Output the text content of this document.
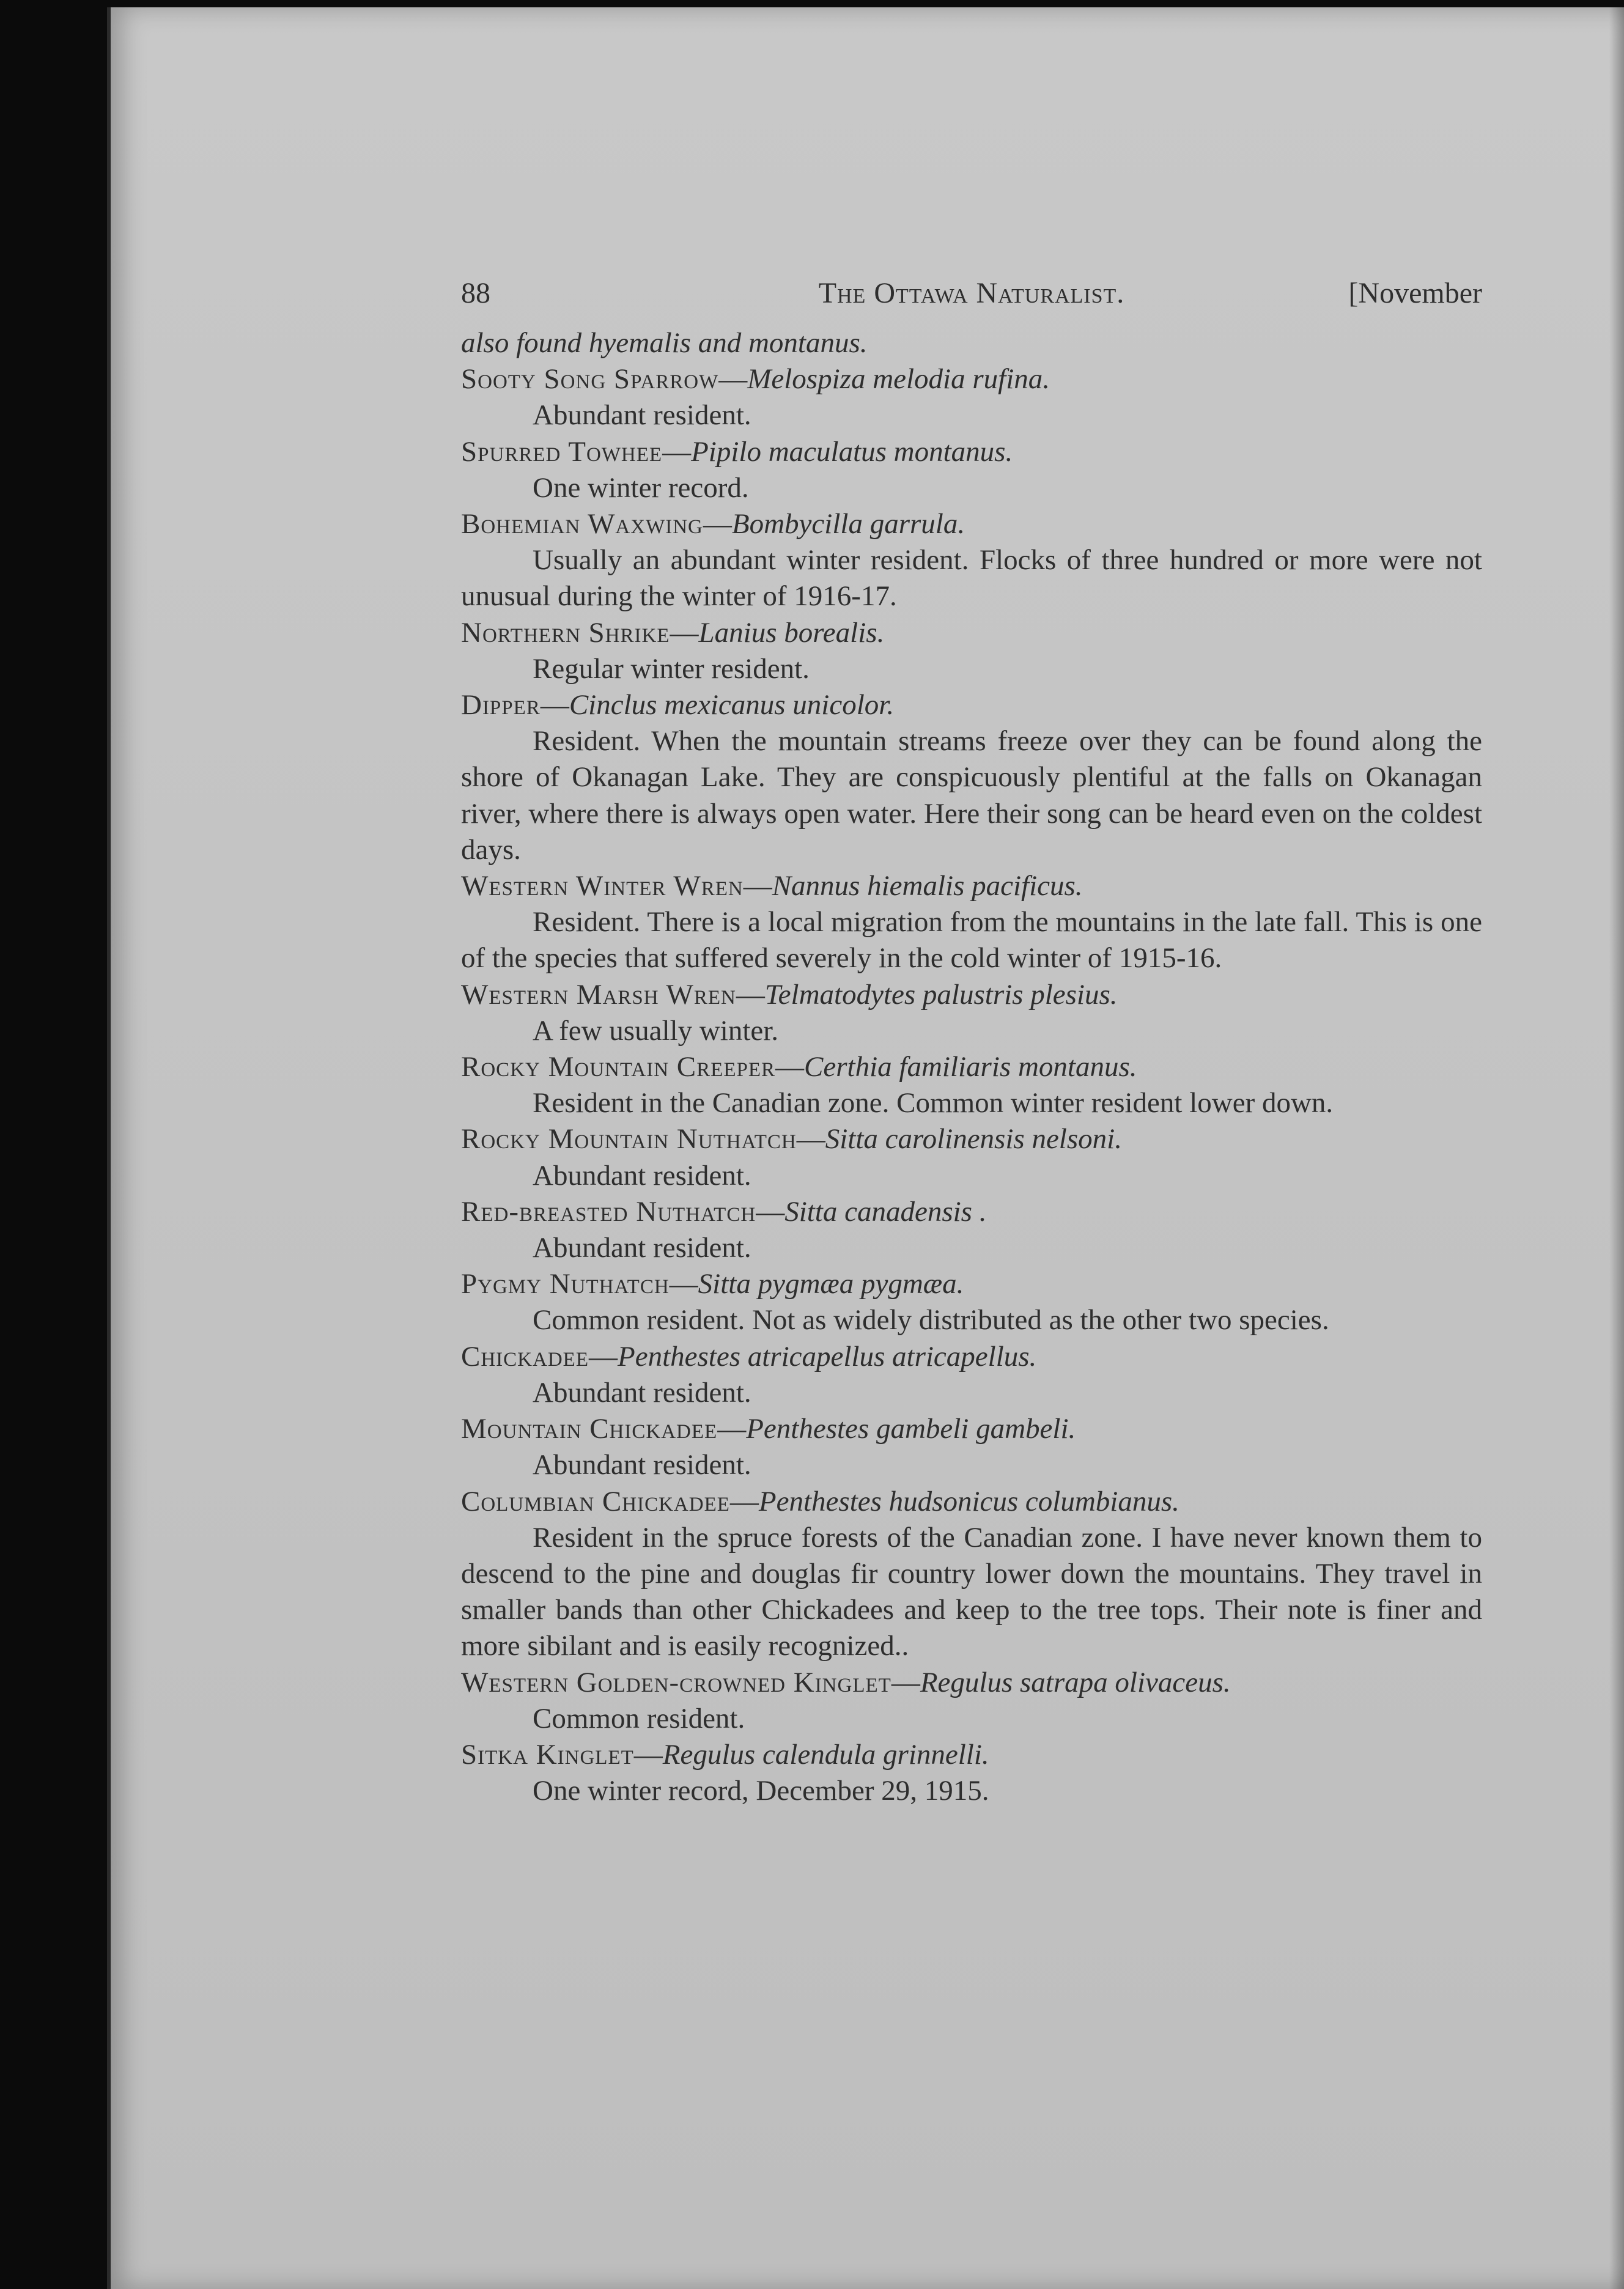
88	The Ottawa Naturalist.	[November
also found hyemalis and montanus.
Sooty Song Sparrow—Melospiza melodia rufina.
Abundant resident.
Spurred Towhee—Pipilo maculatus montanus.
One winter record.
Bohemian Waxwing—Bombycilla garrula.
Usually an abundant winter resident. Flocks of three hundred or more were not unusual during the winter of 1916-17.
Northern Shrike—Lanius borealis.
Regular winter resident.
Dipper—Cinclus mexicanus unicolor.
Resident. When the mountain streams freeze over they can be found along the shore of Okanagan Lake. They are conspicuously plentiful at the falls on Okanagan river, where there is always open water. Here their song can be heard even on the coldest days.
Western Winter Wren—Nannus hiemalis pacificus.
Resident. There is a local migration from the mountains in the late fall. This is one of the species that suffered severely in the cold winter of 1915-16.
Western Marsh Wren—Telmatodytes palustris plesius.
A few usually winter.
Rocky Mountain Creeper—Certhia familiaris montanus.
Resident in the Canadian zone. Common winter resident lower down.
Rocky Mountain Nuthatch—Sitta carolinensis nelsoni.
Abundant resident.
Red-breasted Nuthatch—Sitta canadensis .
Abundant resident.
Pygmy Nuthatch—Sitta pygmæa pygmæa.
Common resident. Not as widely distributed as the other two species.
Chickadee—Penthestes atricapellus atricapellus.
Abundant resident.
Mountain Chickadee—Penthestes gambeli gambeli.
Abundant resident.
Columbian Chickadee—Penthestes hudsonicus columbianus.
Resident in the spruce forests of the Canadian zone. I have never known them to descend to the pine and douglas fir country lower down the mountains. They travel in smaller bands than other Chickadees and keep to the tree tops. Their note is finer and more sibilant and is easily recognized..
Western Golden-crowned Kinglet—Regulus satrapa olivaceus.
Common resident.
Sitka Kinglet—Regulus calendula grinnelli.
One winter record, December 29, 1915.
